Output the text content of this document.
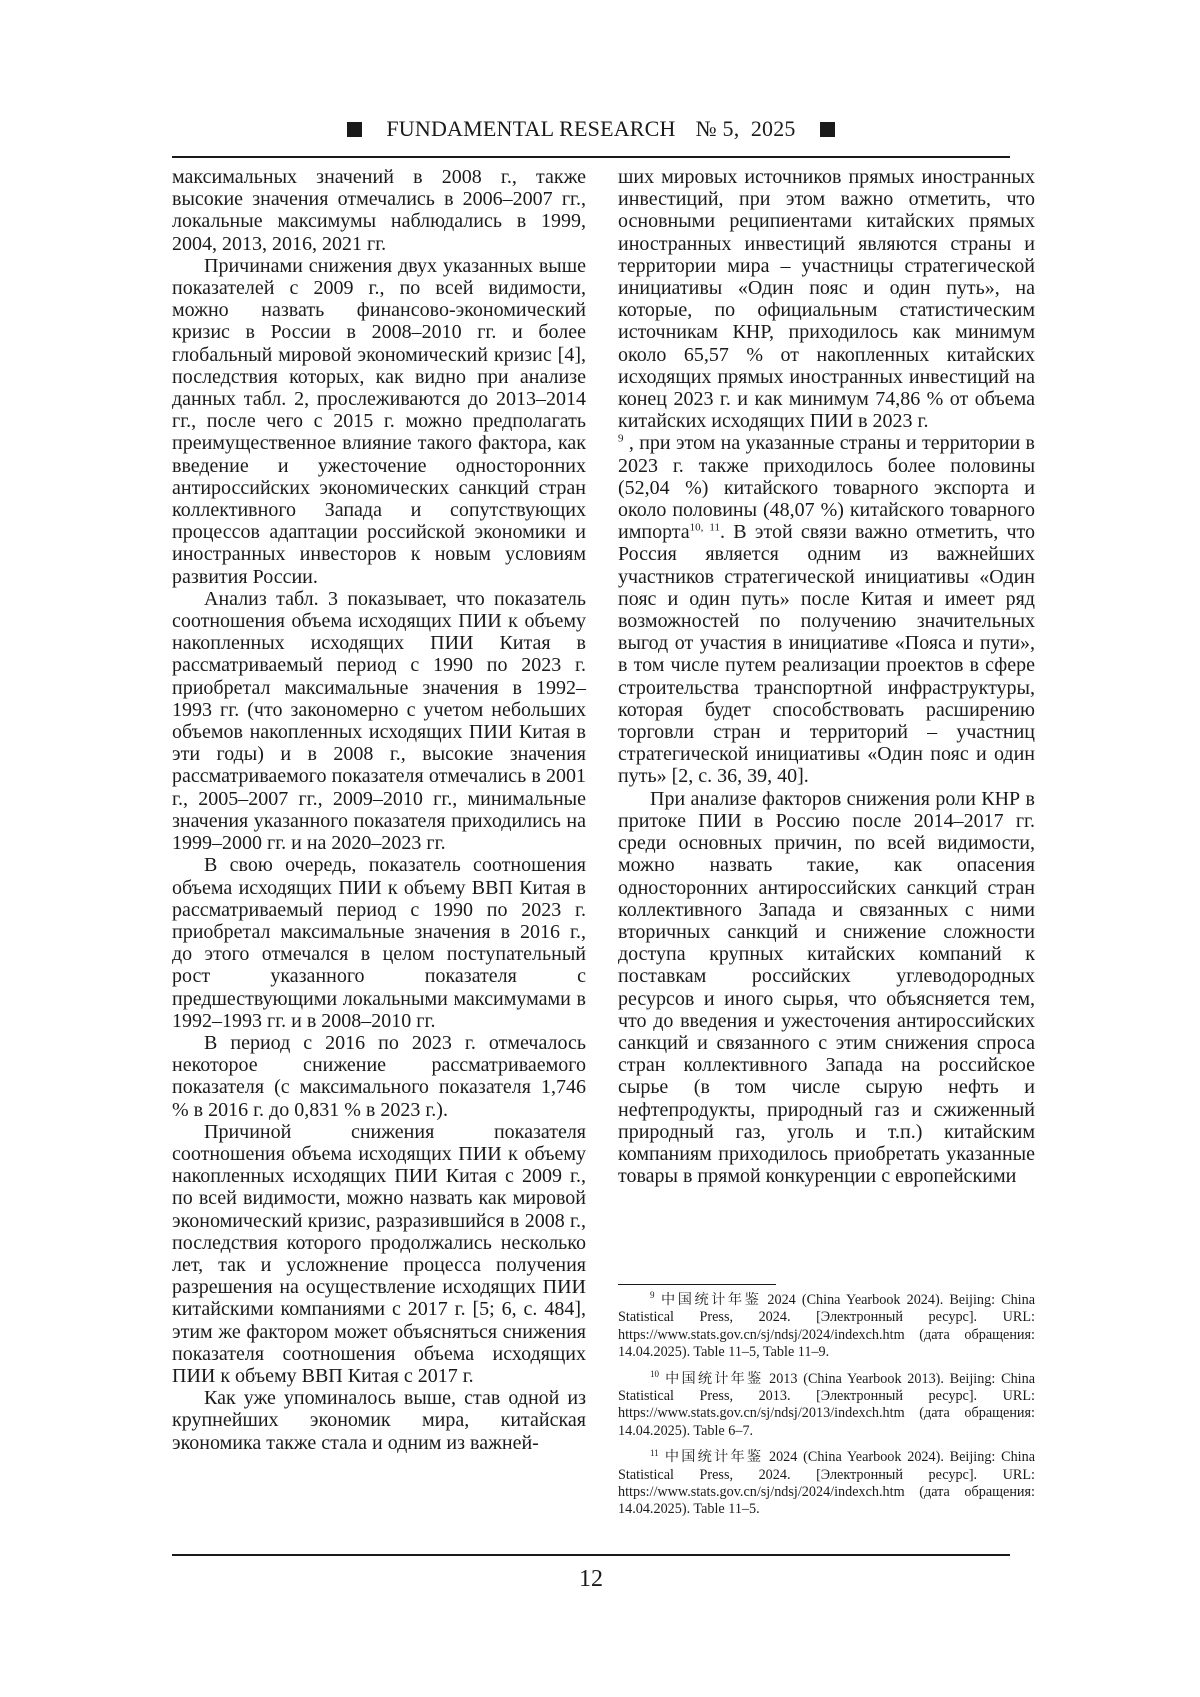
FUNDAMENTAL RESEARCH № 5,  2025

максимальных значений в 2008 г., также высокие значения отмечались в 2006–2007 гг., локальные максимумы наблюдались в 1999, 2004, 2013, 2016, 2021 гг.

Причинами снижения двух указанных выше показателей с 2009 г., по всей видимости, можно назвать финансово-экономический кризис в России в 2008–2010 гг. и более глобальный мировой экономический кризис [4], последствия которых, как видно при анализе данных табл. 2, прослеживаются до 2013–2014 гг., после чего с 2015 г. можно предполагать преимущественное влияние такого фактора, как введение и ужесточение односторонних антироссийских экономических санкций стран коллективного Запада и сопутствующих процессов адаптации российской экономики и иностранных инвесторов к новым условиям развития России.

Анализ табл. 3 показывает, что показатель соотношения объема исходящих ПИИ к объему накопленных исходящих ПИИ Китая в рассматриваемый период с 1990 по 2023 г. приобретал максимальные значения в 1992–1993 гг. (что закономерно с учетом небольших объемов накопленных исходящих ПИИ Китая в эти годы) и в 2008 г., высокие значения рассматриваемого показателя отмечались в 2001 г., 2005–2007 гг., 2009–2010 гг., минимальные значения указанного показателя приходились на 1999–2000 гг. и на 2020–2023 гг.

В свою очередь, показатель соотношения объема исходящих ПИИ к объему ВВП Китая в рассматриваемый период с 1990 по 2023 г. приобретал максимальные значения в 2016 г., до этого отмечался в целом поступательный рост указанного показателя с предшествующими локальными максимумами в 1992–1993 гг. и в 2008–2010 гг.

В период с 2016 по 2023 г. отмечалось некоторое снижение рассматриваемого показателя (с максимального показателя 1,746 % в 2016 г. до 0,831 % в 2023 г.).

Причиной снижения показателя соотношения объема исходящих ПИИ к объему накопленных исходящих ПИИ Китая с 2009 г., по всей видимости, можно назвать как мировой экономический кризис, разразившийся в 2008 г., последствия которого продолжались несколько лет, так и усложнение процесса получения разрешения на осуществление исходящих ПИИ китайскими компаниями с 2017 г. [5; 6, с. 484], этим же фактором может объясняться снижения показателя соотношения объема исходящих ПИИ к объему ВВП Китая с 2017 г.

Как уже упоминалось выше, став одной из крупнейших экономик мира, китайская экономика также стала и одним из важней-

ших мировых источников прямых иностранных инвестиций, при этом важно отметить, что основными реципиентами китайских прямых иностранных инвестиций являются страны и территории мира – участницы стратегической инициативы «Один пояс и один путь», на которые, по официальным статистическим источникам КНР, приходилось как минимум около 65,57 % от накопленных китайских исходящих прямых иностранных инвестиций на конец 2023 г. и как минимум 74,86 % от объема китайских исходящих ПИИ в 2023 г.
$^9$ , при этом на указанные страны и территории в 2023 г. также приходилось более половины (52,04 %) китайского товарного экспорта и около половины (48,07 %) китайского товарного импорта$^{10, 11}$. В этой связи важно отметить, что Россия является одним из важнейших участников стратегической инициативы «Один пояс и один путь» после Китая и имеет ряд возможностей по получению значительных выгод от участия в инициативе «Пояса и пути», в том числе путем реализации проектов в сфере строительства транспортной инфраструктуры, которая будет способствовать расширению торговли стран и территорий – участниц стратегической инициативы «Один пояс и один путь» [2, с. 36, 39, 40].

При анализе факторов снижения роли КНР в притоке ПИИ в Россию после 2014–2017 гг. среди основных причин, по всей видимости, можно назвать такие, как опасения односторонних антироссийских санкций стран коллективного Запада и связанных с ними вторичных санкций и снижение сложности доступа крупных китайских компаний к поставкам российских углеводородных ресурсов и иного сырья, что объясняется тем, что до введения и ужесточения антироссийских санкций и связанного с этим снижения спроса стран коллективного Запада на российское сырье (в том числе сырую нефть и нефтепродукты, природный газ и сжиженный природный газ, уголь и т.п.) китайским компаниям приходилось приобретать указанные товары в прямой конкуренции с европейскими

$^9$ 中国统计年鉴 2024 (China Yearbook 2024). Beijing: China Statistical Press, 2024. [Электронный ресурс]. URL: https://www.stats.gov.cn/sj/ndsj/2024/indexch.htm (дата обращения: 14.04.2025). Table 11–5, Table 11–9.

$^{10}$ 中国统计年鉴 2013 (China Yearbook 2013). Beijing: China Statistical Press, 2013. [Электронный ресурс]. URL: https://www.stats.gov.cn/sj/ndsj/2013/indexch.htm (дата обращения: 14.04.2025). Table 6–7.

$^{11}$ 中国统计年鉴 2024 (China Yearbook 2024). Beijing: China Statistical Press, 2024. [Электронный ресурс]. URL: https://www.stats.gov.cn/sj/ndsj/2024/indexch.htm (дата обращения: 14.04.2025). Table 11–5.

12
